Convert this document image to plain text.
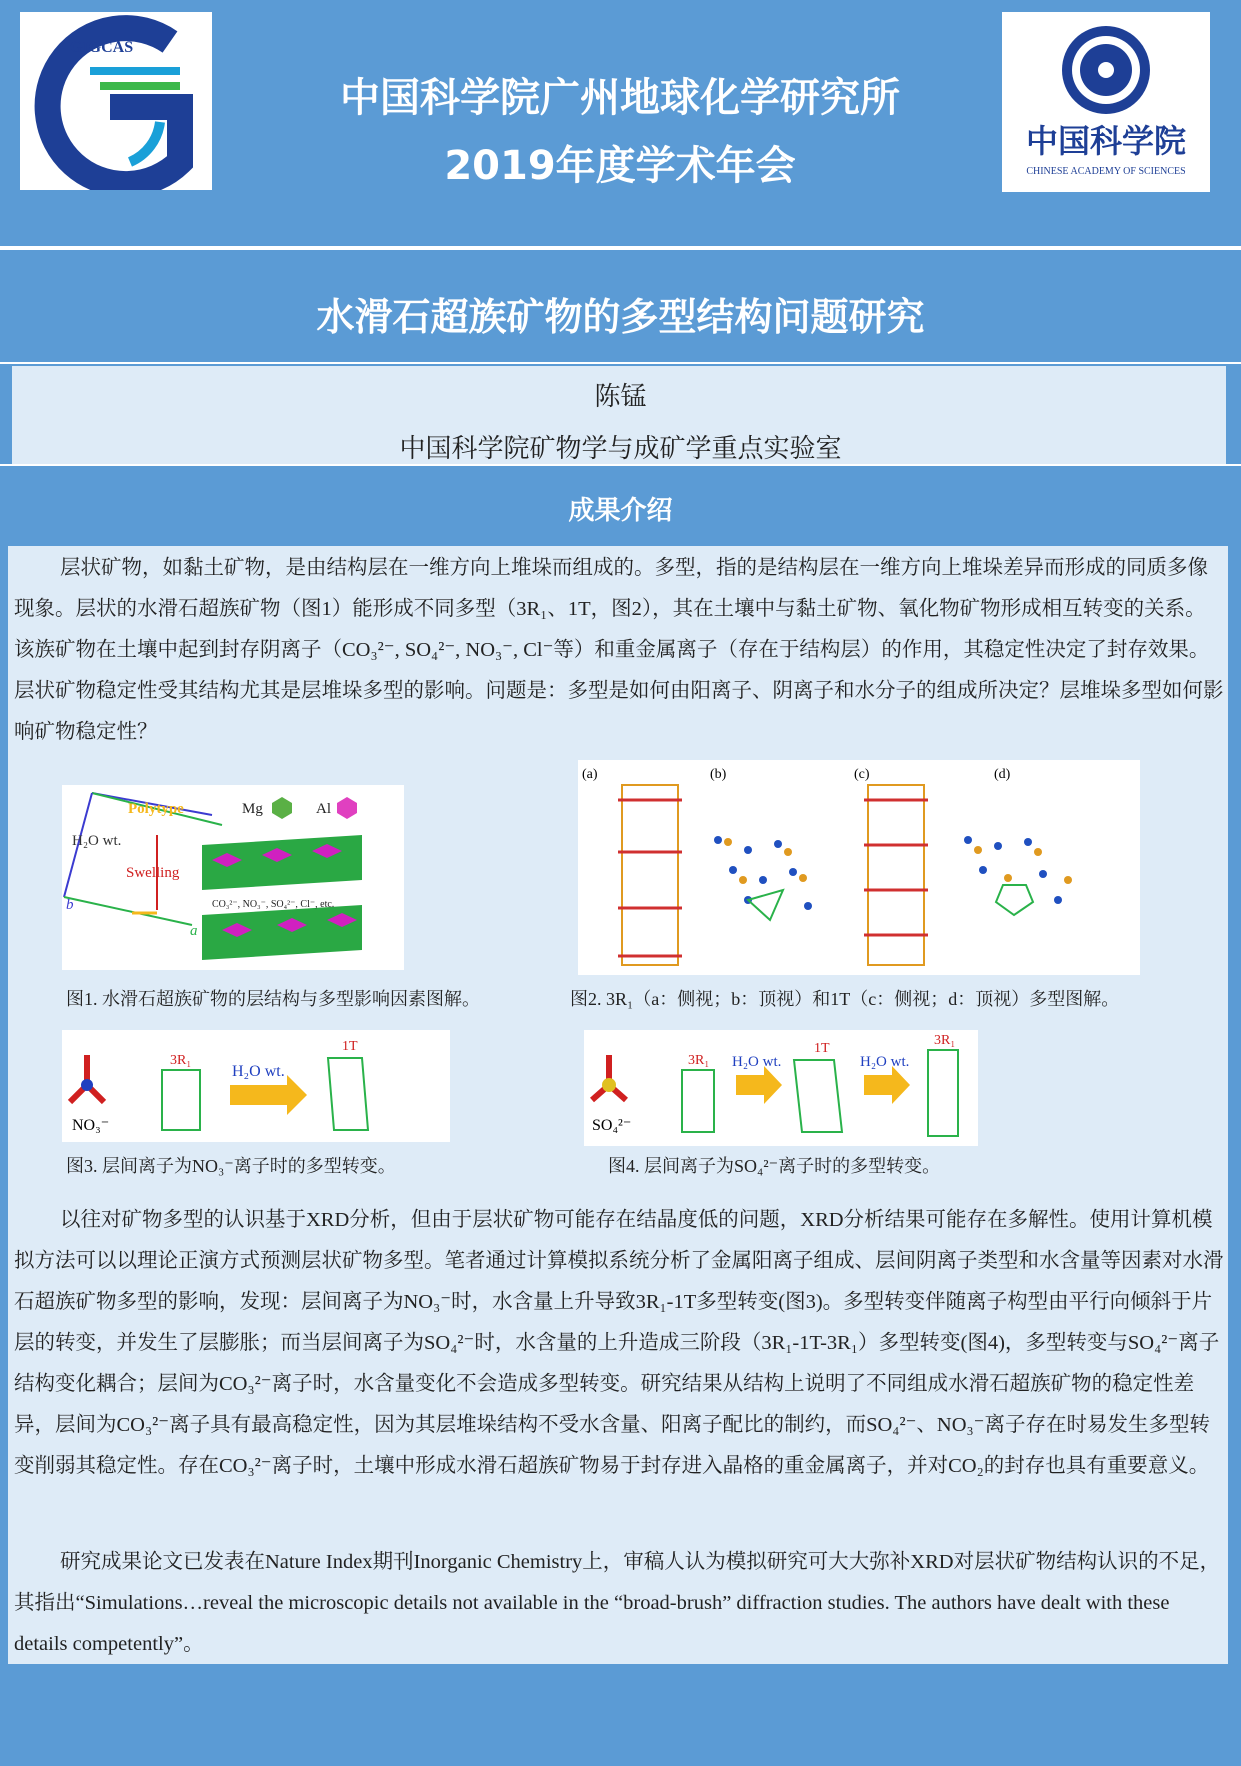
GIGCAS
中国科学院广州地球化学研究所
2019年度学术年会
中国科学院
CHINESE ACADEMY OF SCIENCES
水滑石超族矿物的多型结构问题研究
陈锰
中国科学院矿物学与成矿学重点实验室
成果介绍
层状矿物，如黏土矿物，是由结构层在一维方向上堆垛而组成的。多型，指的是结构层在一维方向上堆垛差异而形成的同质多像现象。层状的水滑石超族矿物（图1）能形成不同多型（3R₁、1T，图2），其在土壤中与黏土矿物、氧化物矿物形成相互转变的关系。该族矿物在土壤中起到封存阴离子（CO₃²⁻, SO₄²⁻, NO₃⁻, Cl⁻等）和重金属离子（存在于结构层）的作用，其稳定性决定了封存效果。层状矿物稳定性受其结构尤其是层堆垛多型的影响。问题是：多型是如何由阳离子、阴离子和水分子的组成所决定？层堆垛多型如何影响矿物稳定性？
Polytype	Mg	Al
H₂O wt.
Swelling
CO₃²⁻, NO₃⁻, SO₄²⁻, Cl⁻, etc.
b
a
图1. 水滑石超族矿物的层结构与多型影响因素图解。
(a)	(b)	(c)	(d)
图2. 3R₁（a：侧视；b：顶视）和1T（c：侧视；d：顶视）多型图解。
NO₃⁻
3R₁
H₂O wt.
1T
图3. 层间离子为NO₃⁻离子时的多型转变。
SO₄²⁻
3R₁ H₂O wt.
1T
H₂O wt.
3R₁
图4. 层间离子为SO₄²⁻离子时的多型转变。
以往对矿物多型的认识基于XRD分析，但由于层状矿物可能存在结晶度低的问题，XRD分析结果可能存在多解性。使用计算机模拟方法可以以理论正演方式预测层状矿物多型。笔者通过计算模拟系统分析了金属阳离子组成、层间阴离子类型和水含量等因素对水滑石超族矿物多型的影响，发现：层间离子为NO₃⁻时，水含量上升导致3R₁-1T多型转变(图3)。多型转变伴随离子构型由平行向倾斜于片层的转变，并发生了层膨胀；而当层间离子为SO₄²⁻时，水含量的上升造成三阶段（3R₁-1T-3R₁）多型转变(图4)，多型转变与SO₄²⁻离子结构变化耦合；层间为CO₃²⁻离子时，水含量变化不会造成多型转变。研究结果从结构上说明了不同组成水滑石超族矿物的稳定性差异，层间为CO₃²⁻离子具有最高稳定性，因为其层堆垛结构不受水含量、阳离子配比的制约，而SO₄²⁻、NO₃⁻离子存在时易发生多型转变削弱其稳定性。存在CO₃²⁻离子时，土壤中形成水滑石超族矿物易于封存进入晶格的重金属离子，并对CO₂的封存也具有重要意义。
研究成果论文已发表在Nature Index期刊Inorganic Chemistry上，审稿人认为模拟研究可大大弥补XRD对层状矿物结构认识的不足，其指出“Simulations…reveal the microscopic details not available in the “broad-brush” diffraction studies. The authors have dealt with these details competently”。
